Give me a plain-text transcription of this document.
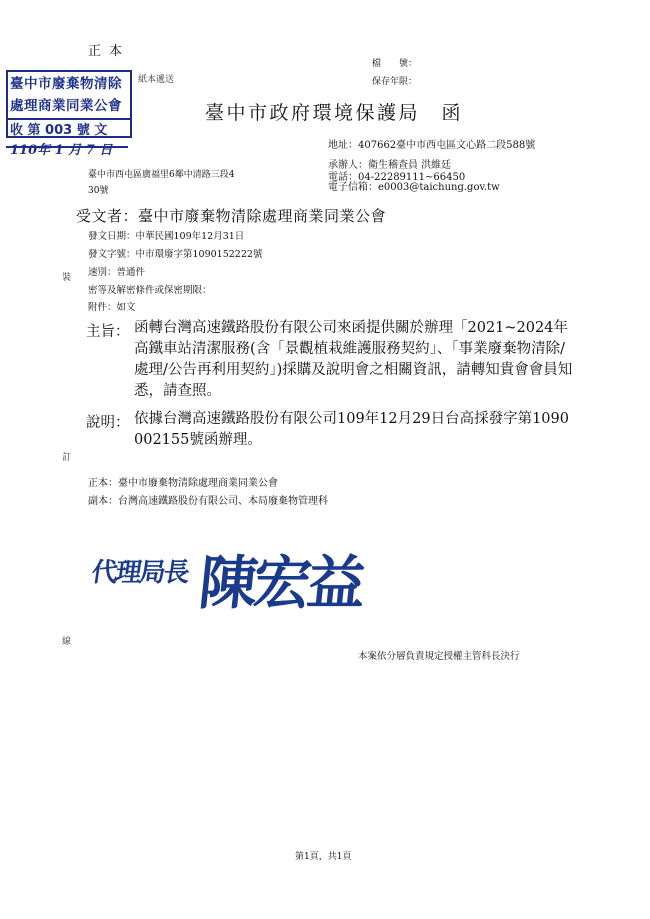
正本
檔　　號：
保存年限：
紙本遞送
臺中市廢棄物清除
處理商業同業公會
收 第 003 號 文
110年 1 月 7 日
臺中市政府環境保護局　函
地址：407662臺中市西屯區文心路二段588號
承辦人：衛生稽查員 洪維廷
電話：04-22289111~66450
電子信箱：e0003@taichung.gov.tw
臺中市西屯區廣福里6鄰中清路三段4
30號
受文者：臺中市廢棄物清除處理商業同業公會
發文日期：中華民國109年12月31日
發文字號：中市環廢字第1090152222號
速別：普通件
密等及解密條件或保密期限：
附件：如文
裝
訂
線
主旨： 函轉台灣高速鐵路股份有限公司來函提供關於辦理「2021~2024年高鐵車站清潔服務(含「景觀植栽維護服務契約」、「事業廢棄物清除/處理/公告再利用契約」)採購及說明會之相關資訊，請轉知貴會會員知悉，請查照。
說明： 依據台灣高速鐵路股份有限公司109年12月29日台高採發字第1090002155號函辦理。
正本：臺中市廢棄物清除處理商業同業公會
副本：台灣高速鐵路股份有限公司、本局廢棄物管理科
代理局長 陳宏益
本案依分層負責規定授權主管科長決行
第1頁，共1頁
